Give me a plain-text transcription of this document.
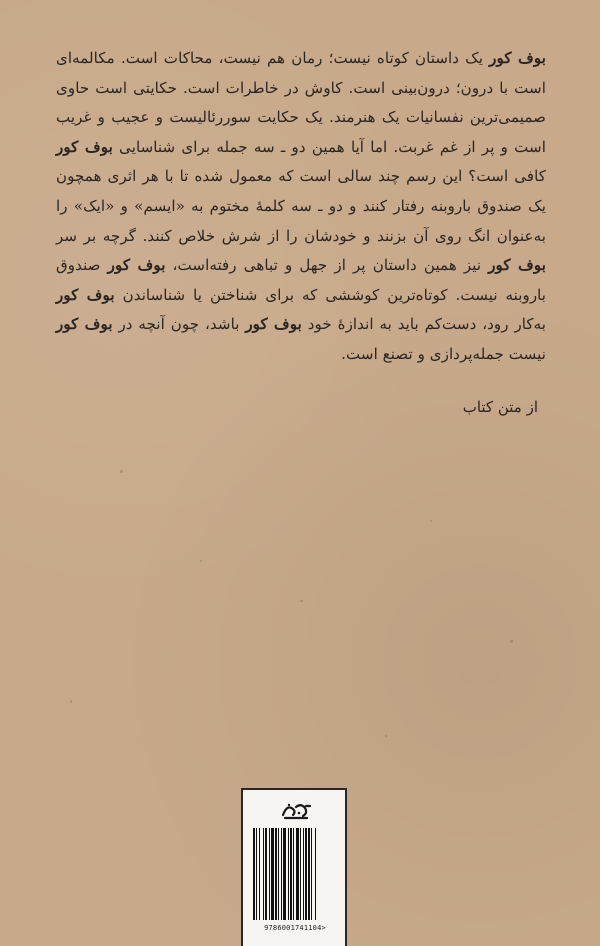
بوف کور یک داستان کوتاه نیست؛ رمان هم نیست، محاکات است. مکالمه‌ای است با درون؛ درون‌بینی است. کاوش در خاطرات است. حکایتی است حاوی صمیمی‌ترین نفسانیات یک هنرمند. یک حکایت سوررئالیست و عجیب و غریب است و پر از غم غربت. اما آیا همین دو ـ سه جمله برای شناسایی بوف کور کافی است؟ این رسم چند سالی است که معمول شده تا با هر اثری همچون یک صندوق باروبنه رفتار کنند و دو ـ سه کلمهٔ مختوم به «ایسم» و «ایک» را به‌عنوان انگ روی آن بزنند و خودشان را از شرش خلاص کنند. گرچه بر سر بوف کور نیز همین داستان پر از جهل و تباهی رفته‌است، بوف کور صندوق باروبنه نیست. کوتاه‌ترین کوششی که برای شناختن یا شناساندن بوف کور به‌کار رود، دست‌کم باید به اندازهٔ خود بوف کور باشد، چون آنچه در بوف کور نیست جمله‌پردازی و تصنع است.

از متن کتاب
9786001741104>
